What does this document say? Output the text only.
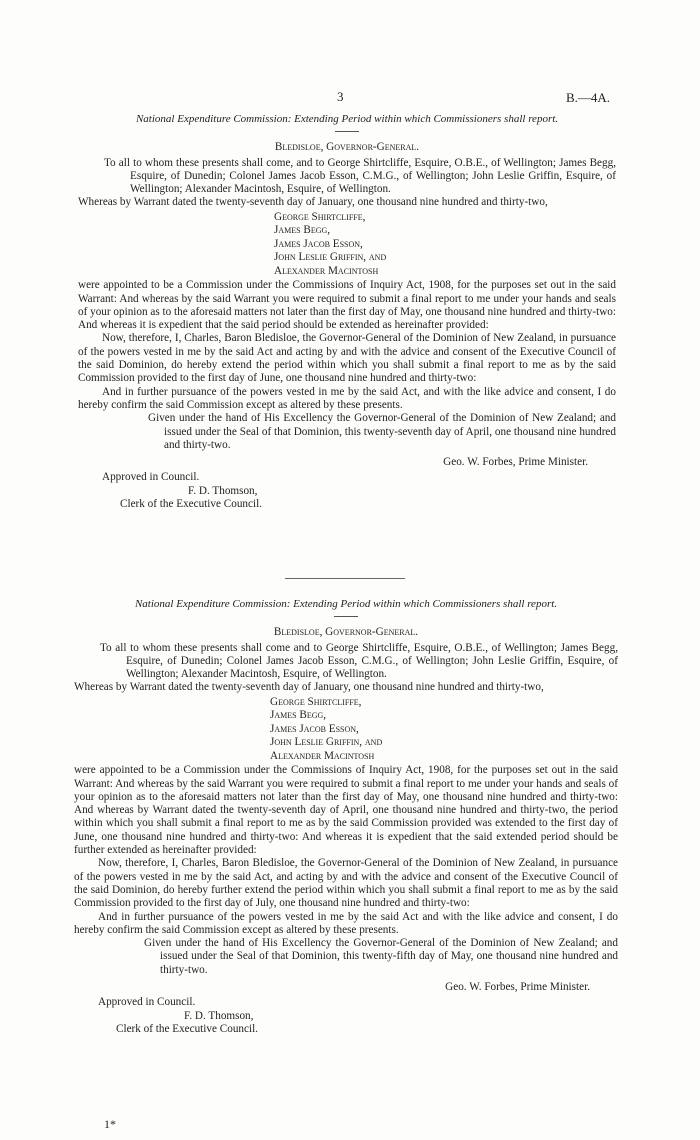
3	B.—4A.
National Expenditure Commission: Extending Period within which Commissioners shall report.
Bledisloe, Governor-General.

To all to whom these presents shall come, and to George Shirtcliffe, Esquire, O.B.E., of Wellington; James Begg, Esquire, of Dunedin; Colonel James Jacob Esson, C.M.G., of Wellington; John Leslie Griffin, Esquire, of Wellington; Alexander Macintosh, Esquire, of Wellington.

Whereas by Warrant dated the twenty-seventh day of January, one thousand nine hundred and thirty-two,

George Shirtcliffe,
James Begg,
James Jacob Esson,
John Leslie Griffin, and
Alexander Macintosh

were appointed to be a Commission under the Commissions of Inquiry Act, 1908, for the purposes set out in the said Warrant: And whereas by the said Warrant you were required to submit a final report to me under your hands and seals of your opinion as to the aforesaid matters not later than the first day of May, one thousand nine hundred and thirty-two: And whereas it is expedient that the said period should be extended as hereinafter provided:

Now, therefore, I, Charles, Baron Bledisloe, the Governor-General of the Dominion of New Zealand, in pursuance of the powers vested in me by the said Act and acting by and with the advice and consent of the Executive Council of the said Dominion, do hereby extend the period within which you shall submit a final report to me as by the said Commission provided to the first day of June, one thousand nine hundred and thirty-two:

And in further pursuance of the powers vested in me by the said Act, and with the like advice and consent, I do hereby confirm the said Commission except as altered by these presents.

Given under the hand of His Excellency the Governor-General of the Dominion of New Zealand; and issued under the Seal of that Dominion, this twenty-seventh day of April, one thousand nine hundred and thirty-two.

Geo. W. Forbes, Prime Minister.
Approved in Council.
F. D. Thomson,
Clerk of the Executive Council.
National Expenditure Commission: Extending Period within which Commissioners shall report.
Bledisloe, Governor-General.

To all to whom these presents shall come and to George Shirtcliffe, Esquire, O.B.E., of Wellington; James Begg, Esquire, of Dunedin; Colonel James Jacob Esson, C.M.G., of Wellington; John Leslie Griffin, Esquire, of Wellington; Alexander Macintosh, Esquire, of Wellington.

Whereas by Warrant dated the twenty-seventh day of January, one thousand nine hundred and thirty-two,

George Shirtcliffe,
James Begg,
James Jacob Esson,
John Leslie Griffin, and
Alexander Macintosh

were appointed to be a Commission under the Commissions of Inquiry Act, 1908, for the purposes set out in the said Warrant: And whereas by the said Warrant you were required to submit a final report to me under your hands and seals of your opinion as to the aforesaid matters not later than the first day of May, one thousand nine hundred and thirty-two: And whereas by Warrant dated the twenty-seventh day of April, one thousand nine hundred and thirty-two, the period within which you shall submit a final report to me as by the said Commission provided was extended to the first day of June, one thousand nine hundred and thirty-two: And whereas it is expedient that the said extended period should be further extended as hereinafter provided:

Now, therefore, I, Charles, Baron Bledisloe, the Governor-General of the Dominion of New Zealand, in pursuance of the powers vested in me by the said Act, and acting by and with the advice and consent of the Executive Council of the said Dominion, do hereby further extend the period within which you shall submit a final report to me as by the said Commission provided to the first day of July, one thousand nine hundred and thirty-two:

And in further pursuance of the powers vested in me by the said Act and with the like advice and consent, I do hereby confirm the said Commission except as altered by these presents.

Given under the hand of His Excellency the Governor-General of the Dominion of New Zealand; and issued under the Seal of that Dominion, this twenty-fifth day of May, one thousand nine hundred and thirty-two.

Geo. W. Forbes, Prime Minister.
Approved in Council.
F. D. Thomson,
Clerk of the Executive Council.
1*
